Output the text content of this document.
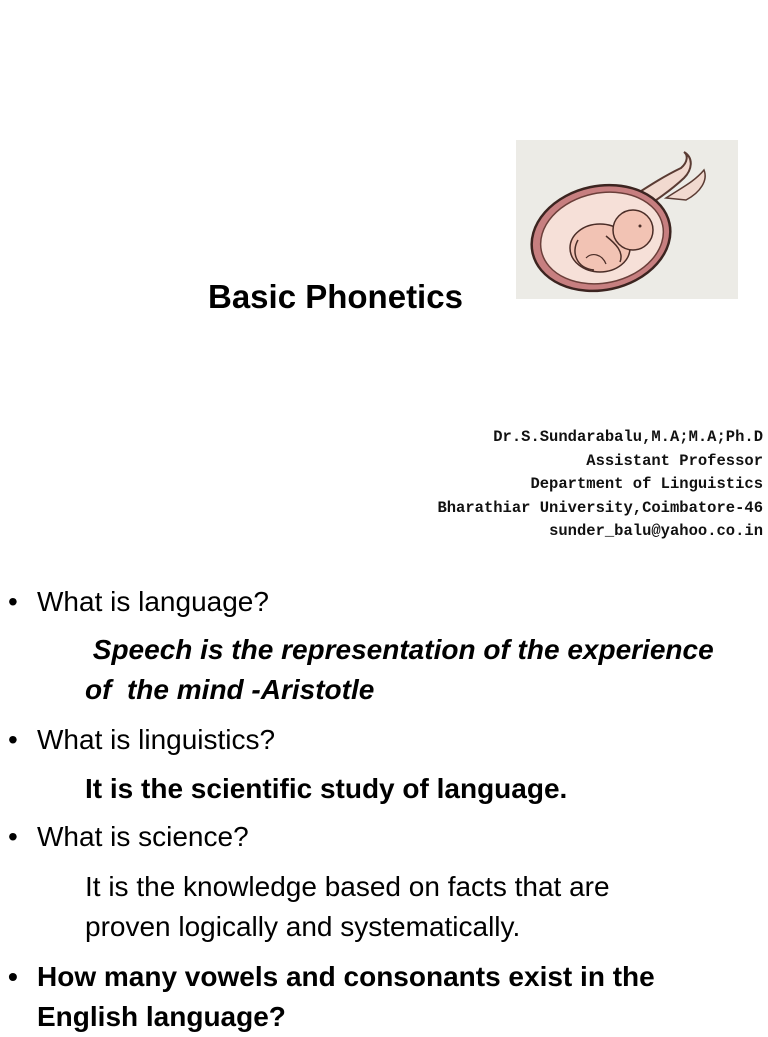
Basic Phonetics
Dr.S.Sundarabalu,M.A;M.A;Ph.D
Assistant Professor
Department of Linguistics
Bharathiar University,Coimbatore-46
sunder_balu@yahoo.co.in
• What is language?
Speech is the representation of the experience
of  the mind -Aristotle
• What is linguistics?
It is the scientific study of language.
• What is science?
It is the knowledge based on facts that are
proven logically and systematically.
• How many vowels and consonants exist in the English language?
